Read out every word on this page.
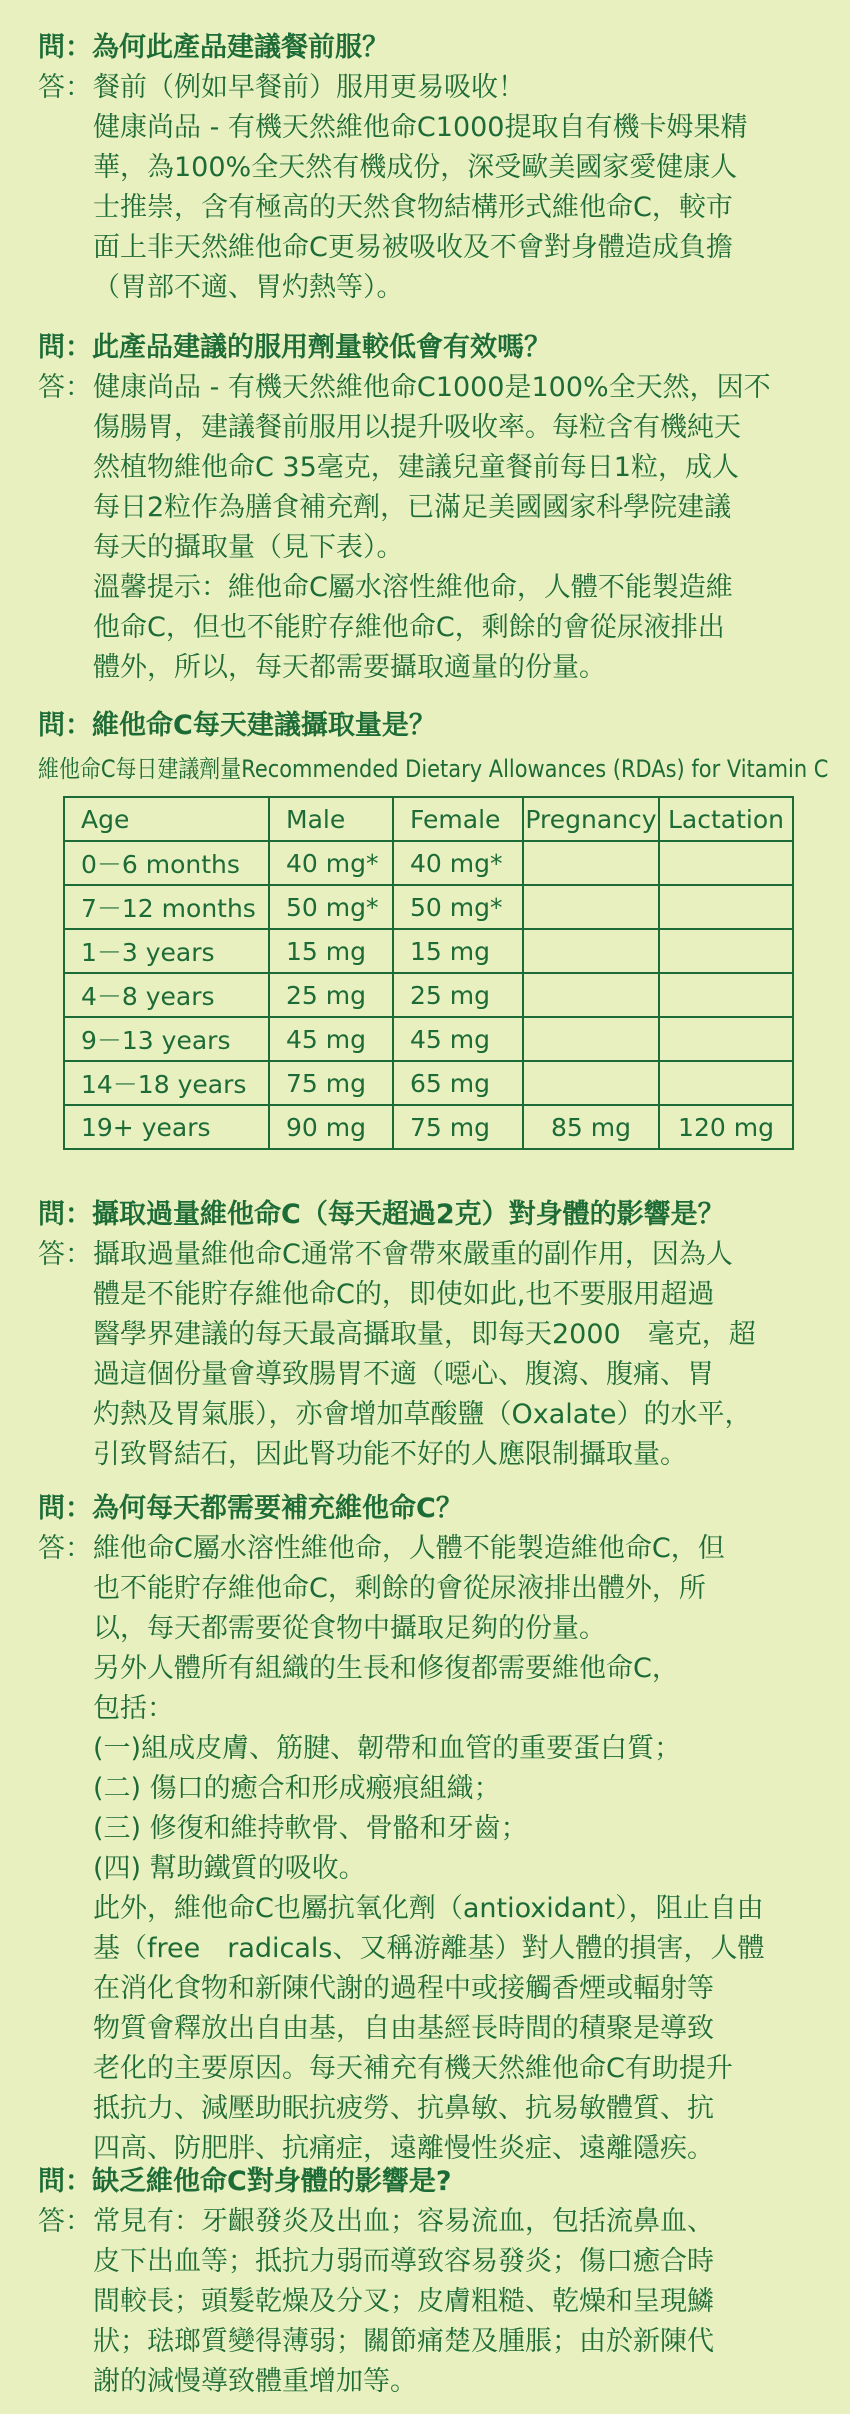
問：為何此產品建議餐前服？
答： 餐前（例如早餐前）服用更易吸收！
健康尚品 - 有機天然維他命C1000提取自有機卡姆果精
華，為100%全天然有機成份，深受歐美國家愛健康人
士推崇，含有極高的天然食物結構形式維他命C，較市
面上非天然維他命C更易被吸收及不會對身體造成負擔
（胃部不適、胃灼熱等）。
問：此產品建議的服用劑量較低會有效嗎？
答： 健康尚品 - 有機天然維他命C1000是100%全天然，因不
傷腸胃，建議餐前服用以提升吸收率。每粒含有機純天
然植物維他命C 35毫克，建議兒童餐前每日1粒，成人
每日2粒作為膳食補充劑，已滿足美國國家科學院建議
每天的攝取量（見下表）。
溫馨提示：維他命C屬水溶性維他命，人體不能製造維
他命C，但也不能貯存維他命C，剩餘的會從尿液排出
體外，所以，每天都需要攝取適量的份量。
問：維他命C每天建議攝取量是？
維他命C每日建議劑量Recommended Dietary Allowances (RDAs) for Vitamin C
Age	Male	Female	Pregnancy	Lactation
0－6 months	40 mg*	40 mg*		
7－12 months	50 mg*	50 mg*		
1－3 years	15 mg	15 mg		
4－8 years	25 mg	25 mg		
9－13 years	45 mg	45 mg		
14－18 years	75 mg	65 mg		
19+ years	90 mg	75 mg	85 mg	120 mg
問：攝取過量維他命C（每天超過2克）對身體的影響是？
答： 攝取過量維他命C通常不會帶來嚴重的副作用，因為人
體是不能貯存維他命C的，即使如此,也不要服用超過
醫學界建議的每天最高攝取量，即每天2000　毫克，超
過這個份量會導致腸胃不適（噁心、腹瀉、腹痛、胃
灼熱及胃氣脹），亦會增加草酸鹽（Oxalate）的水平，
引致腎結石，因此腎功能不好的人應限制攝取量。
問：為何每天都需要補充維他命C？
答： 維他命C屬水溶性維他命，人體不能製造維他命C，但
也不能貯存維他命C，剩餘的會從尿液排出體外，所
以，每天都需要從食物中攝取足夠的份量。
另外人體所有組織的生長和修復都需要維他命C，
包括：
(一)組成皮膚、筋腱、韌帶和血管的重要蛋白質；
(二) 傷口的癒合和形成瘢痕組織；
(三) 修復和維持軟骨、骨骼和牙齒；
(四) 幫助鐵質的吸收。
此外，維他命C也屬抗氧化劑（antioxidant），阻止自由
基（free　radicals、又稱游離基）對人體的損害，人體
在消化食物和新陳代謝的過程中或接觸香煙或輻射等
物質會釋放出自由基，自由基經長時間的積聚是導致
老化的主要原因。每天補充有機天然維他命C有助提升
抵抗力、減壓助眠抗疲勞、抗鼻敏、抗易敏體質、抗
四高、防肥胖、抗痛症，遠離慢性炎症、遠離隱疾。
問：缺乏維他命C對身體的影響是?
答： 常見有：牙齦發炎及出血；容易流血，包括流鼻血、
皮下出血等；抵抗力弱而導致容易發炎；傷口癒合時
間較長；頭髮乾燥及分叉；皮膚粗糙、乾燥和呈現鱗
狀；琺瑯質變得薄弱；關節痛楚及腫脹；由於新陳代
謝的減慢導致體重增加等。
